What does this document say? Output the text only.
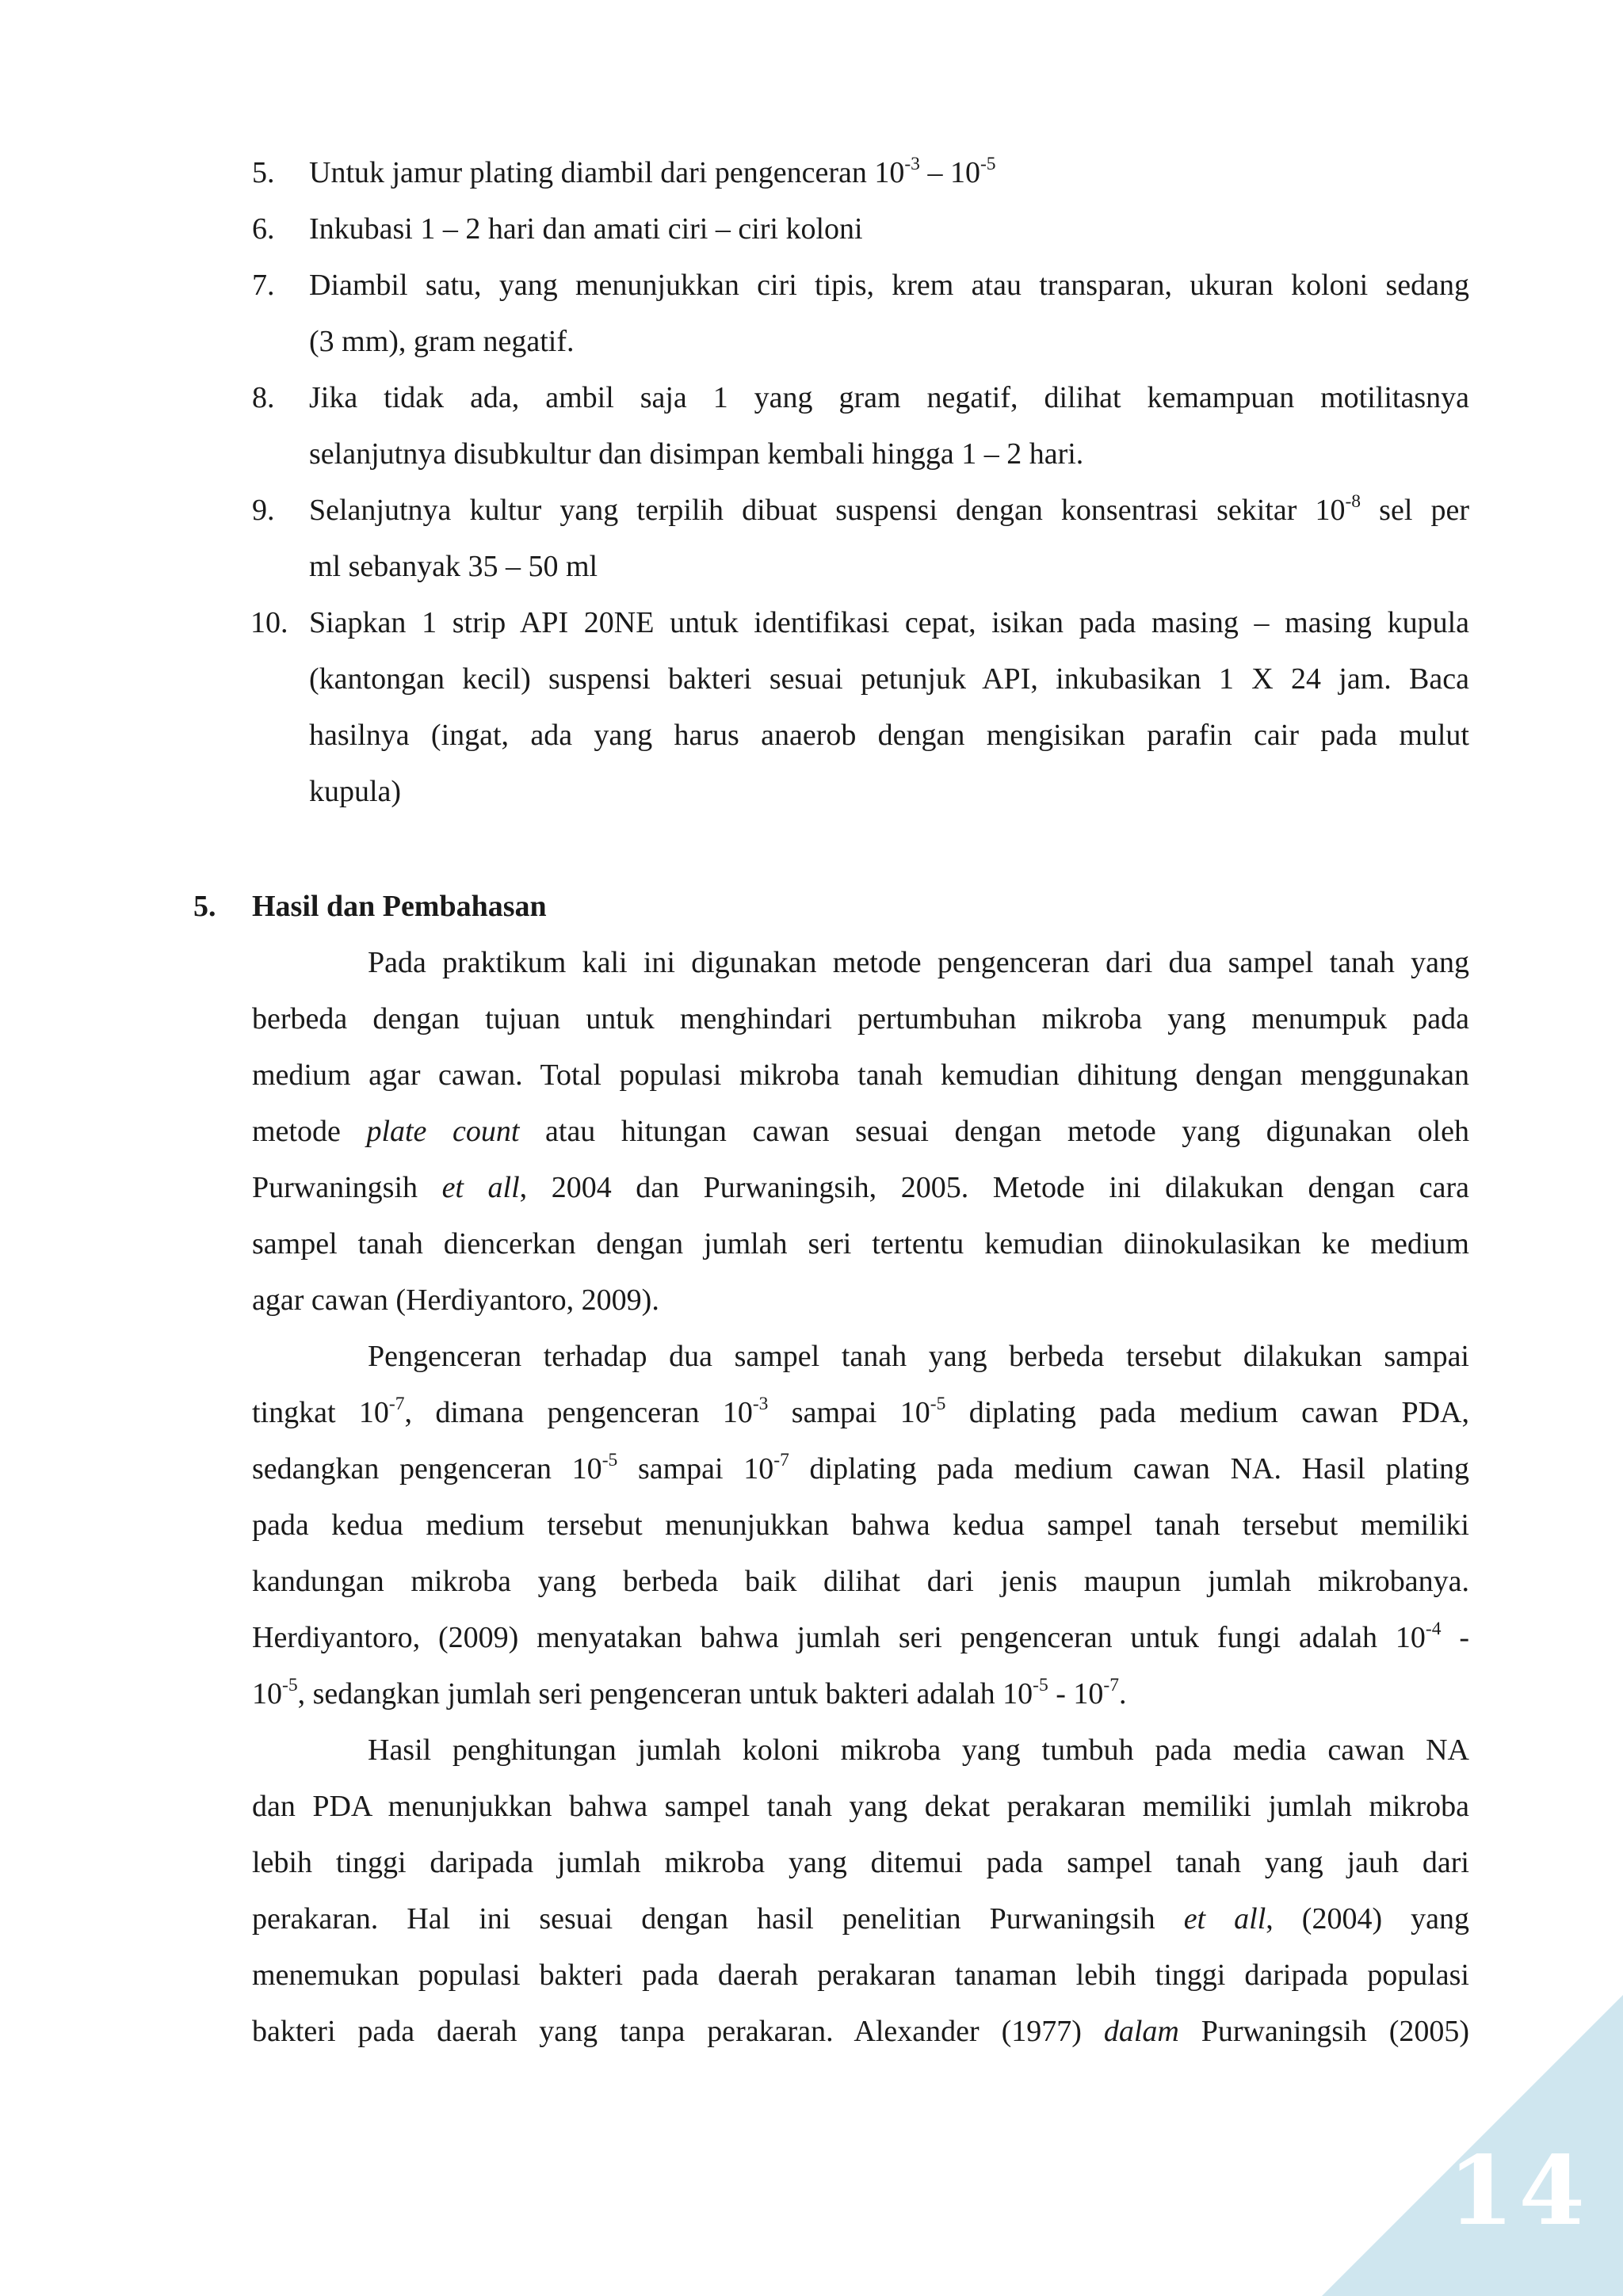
5.	Untuk jamur plating diambil dari pengenceran $10^{-3} - 10^{-5}$
6.	Inkubasi 1 – 2 hari dan amati ciri – ciri koloni
7.	Diambil satu, yang menunjukkan ciri tipis, krem atau transparan, ukuran koloni sedang
(3 mm), gram negatif.
8.	Jika tidak ada, ambil saja 1 yang gram negatif, dilihat kemampuan motilitasnya
selanjutnya disubkultur dan disimpan kembali hingga 1 – 2 hari.
9.	Selanjutnya kultur yang terpilih dibuat suspensi dengan konsentrasi sekitar $10^{-8}$ sel per
ml sebanyak 35 – 50 ml
10. Siapkan 1 strip API 20NE untuk identifikasi cepat, isikan pada masing – masing kupula
(kantongan kecil) suspensi bakteri sesuai petunjuk API, inkubasikan 1 X 24 jam. Baca
hasilnya (ingat, ada yang harus anaerob dengan mengisikan parafin cair pada mulut
kupula)
5. Hasil dan Pembahasan
Pada praktikum kali ini digunakan metode pengenceran dari dua sampel tanah yang
berbeda dengan tujuan untuk menghindari pertumbuhan mikroba yang menumpuk pada
medium agar cawan. Total populasi mikroba tanah kemudian dihitung dengan menggunakan
metode plate count atau hitungan cawan sesuai dengan metode yang digunakan oleh
Purwaningsih et all, 2004 dan Purwaningsih, 2005. Metode ini dilakukan dengan cara
sampel tanah diencerkan dengan jumlah seri tertentu kemudian diinokulasikan ke medium
agar cawan (Herdiyantoro, 2009).
Pengenceran terhadap dua sampel tanah yang berbeda tersebut dilakukan sampai
tingkat $10^{-7}$, dimana pengenceran $10^{-3}$ sampai $10^{-5}$ diplating pada medium cawan PDA,
sedangkan pengenceran $10^{-5}$ sampai $10^{-7}$ diplating pada medium cawan NA. Hasil plating
pada kedua medium tersebut menunjukkan bahwa kedua sampel tanah tersebut memiliki
kandungan mikroba yang berbeda baik dilihat dari jenis maupun jumlah mikrobanya.
Herdiyantoro, (2009) menyatakan bahwa jumlah seri pengenceran untuk fungi adalah $10^{-4}$ -
$10^{-5}$, sedangkan jumlah seri pengenceran untuk bakteri adalah $10^{-5} - 10^{-7}$.
Hasil penghitungan jumlah koloni mikroba yang tumbuh pada media cawan NA
dan PDA menunjukkan bahwa sampel tanah yang dekat perakaran memiliki jumlah mikroba
lebih tinggi daripada jumlah mikroba yang ditemui pada sampel tanah yang jauh dari
perakaran. Hal ini sesuai dengan hasil penelitian Purwaningsih et all, (2004) yang
menemukan populasi bakteri pada daerah perakaran tanaman lebih tinggi daripada populasi
bakteri pada daerah yang tanpa perakaran. Alexander (1977) dalam Purwaningsih (2005)
14
